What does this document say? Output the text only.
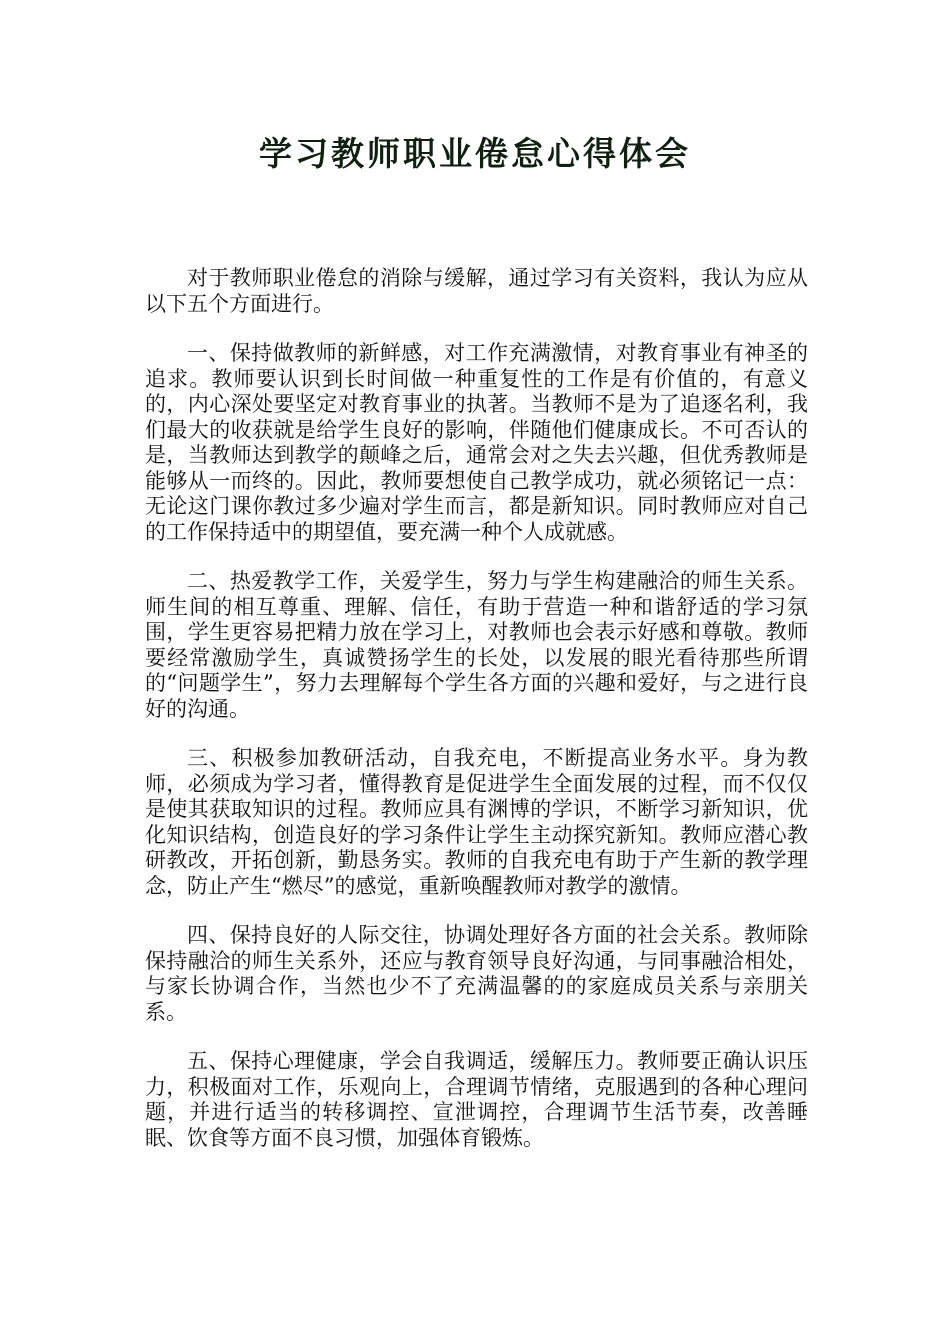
学习教师职业倦怠心得体会

对于教师职业倦怠的消除与缓解，通过学习有关资料，我认为应从以下五个方面进行。

一、保持做教师的新鲜感，对工作充满激情，对教育事业有神圣的追求。教师要认识到长时间做一种重复性的工作是有价值的，有意义的，内心深处要坚定对教育事业的执著。当教师不是为了追逐名利，我们最大的收获就是给学生良好的影响，伴随他们健康成长。不可否认的是，当教师达到教学的颠峰之后，通常会对之失去兴趣，但优秀教师是能够从一而终的。因此，教师要想使自己教学成功，就必须铭记一点：无论这门课你教过多少遍对学生而言，都是新知识。同时教师应对自己的工作保持适中的期望值，要充满一种个人成就感。

二、热爱教学工作，关爱学生，努力与学生构建融洽的师生关系。师生间的相互尊重、理解、信任，有助于营造一种和谐舒适的学习氛围，学生更容易把精力放在学习上，对教师也会表示好感和尊敬。教师要经常激励学生，真诚赞扬学生的长处，以发展的眼光看待那些所谓的“问题学生”，努力去理解每个学生各方面的兴趣和爱好，与之进行良好的沟通。

三、积极参加教研活动，自我充电，不断提高业务水平。身为教师，必须成为学习者，懂得教育是促进学生全面发展的过程，而不仅仅是使其获取知识的过程。教师应具有渊博的学识，不断学习新知识，优化知识结构，创造良好的学习条件让学生主动探究新知。教师应潜心教研教改，开拓创新，勤恳务实。教师的自我充电有助于产生新的教学理念，防止产生“燃尽”的感觉，重新唤醒教师对教学的激情。

四、保持良好的人际交往，协调处理好各方面的社会关系。教师除保持融洽的师生关系外，还应与教育领导良好沟通，与同事融洽相处，与家长协调合作，当然也少不了充满温馨的的家庭成员关系与亲朋关系。

五、保持心理健康，学会自我调适，缓解压力。教师要正确认识压力，积极面对工作，乐观向上，合理调节情绪，克服遇到的各种心理问题，并进行适当的转移调控、宣泄调控，合理调节生活节奏，改善睡眠、饮食等方面不良习惯，加强体育锻炼。
